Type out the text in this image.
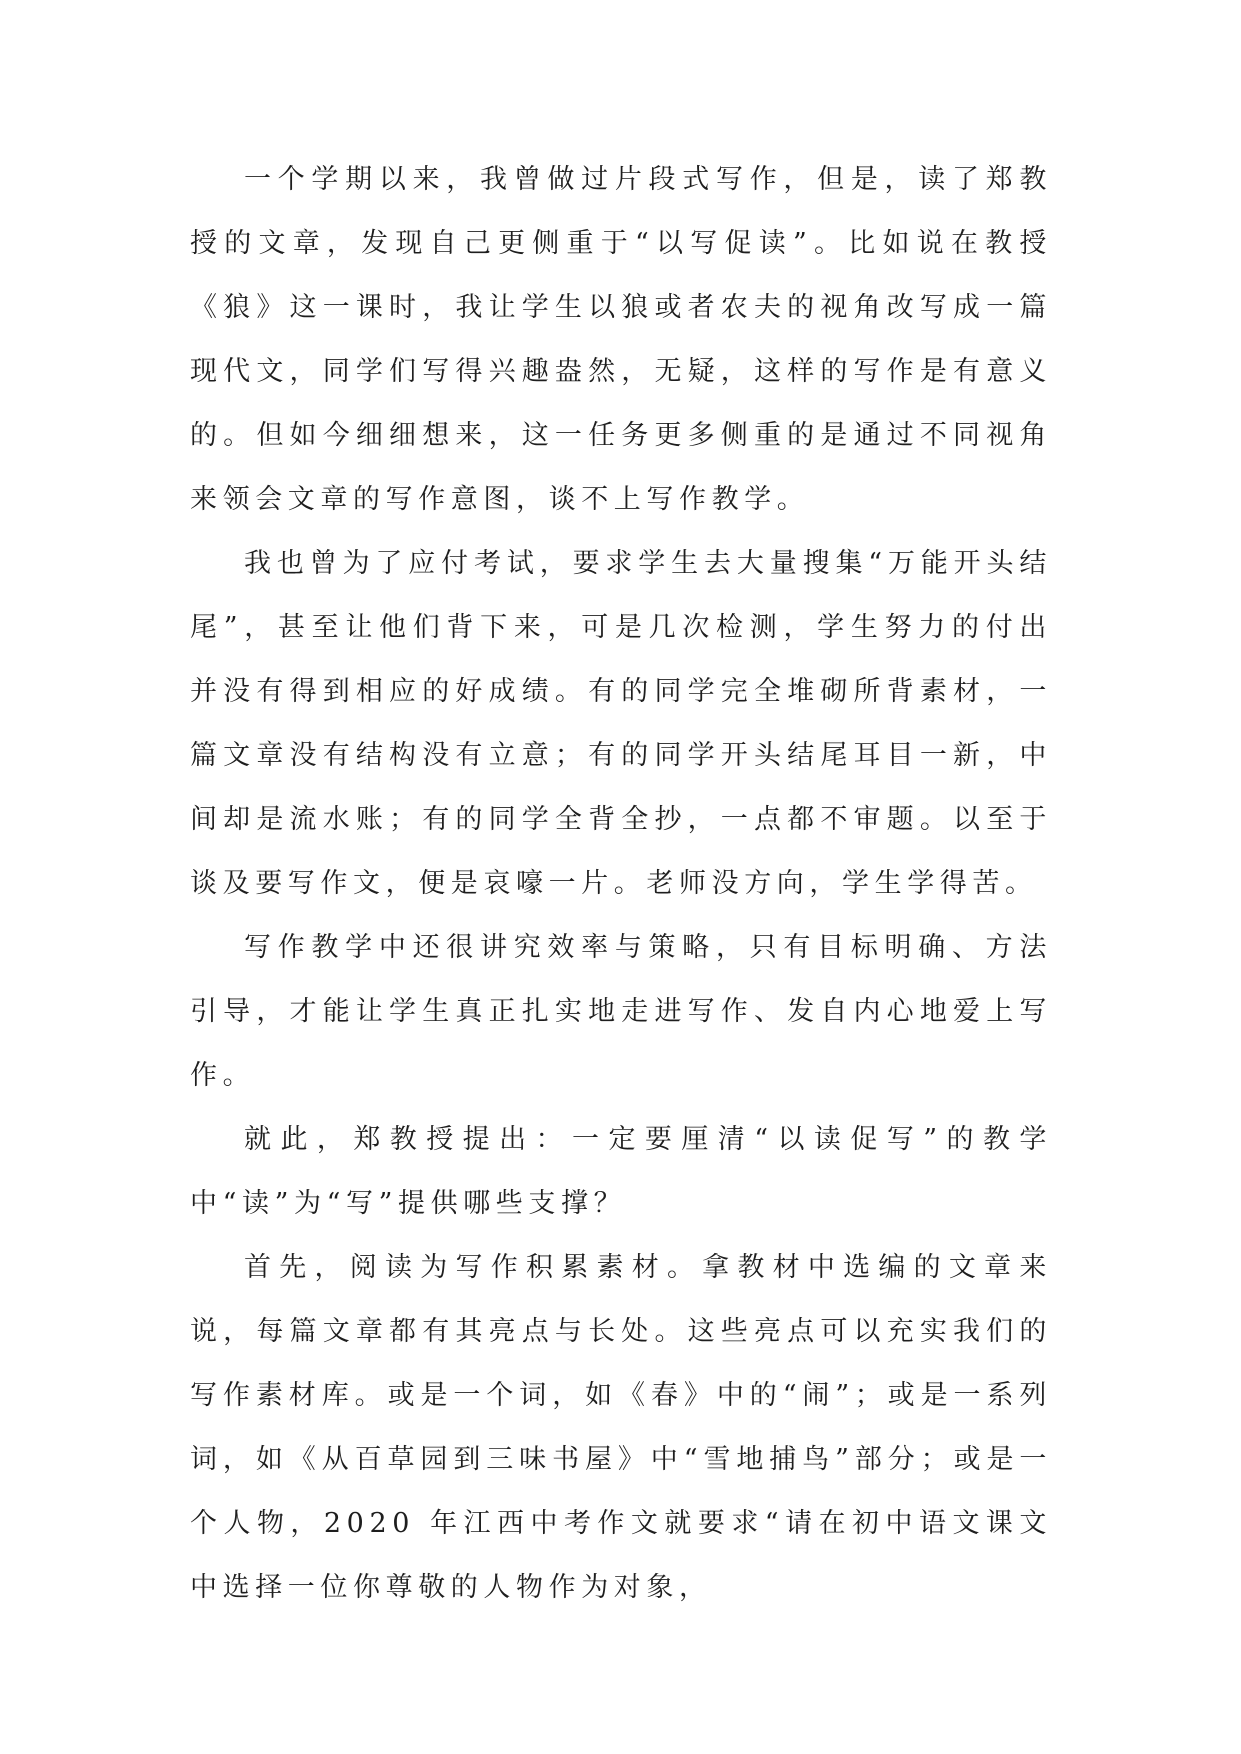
一个学期以来，我曾做过片段式写作，但是，读了郑教授的文章，发现自己更侧重于“以写促读”。比如说在教授《狼》这一课时，我让学生以狼或者农夫的视角改写成一篇现代文，同学们写得兴趣盎然，无疑，这样的写作是有意义的。但如今细细想来，这一任务更多侧重的是通过不同视角来领会文章的写作意图，谈不上写作教学。

我也曾为了应付考试，要求学生去大量搜集“万能开头结尾”，甚至让他们背下来，可是几次检测，学生努力的付出并没有得到相应的好成绩。有的同学完全堆砌所背素材，一篇文章没有结构没有立意；有的同学开头结尾耳目一新，中间却是流水账；有的同学全背全抄，一点都不审题。以至于谈及要写作文，便是哀嚎一片。老师没方向，学生学得苦。

写作教学中还很讲究效率与策略，只有目标明确、方法引导，才能让学生真正扎实地走进写作、发自内心地爱上写作。

就此，郑教授提出：一定要厘清“以读促写”的教学中“读”为“写”提供哪些支撑？

首先，阅读为写作积累素材。拿教材中选编的文章来说，每篇文章都有其亮点与长处。这些亮点可以充实我们的写作素材库。或是一个词，如《春》中的“闹”；或是一系列词，如《从百草园到三味书屋》中“雪地捕鸟”部分；或是一个人物，2020 年江西中考作文就要求“请在初中语文课文中选择一位你尊敬的人物作为对象，
